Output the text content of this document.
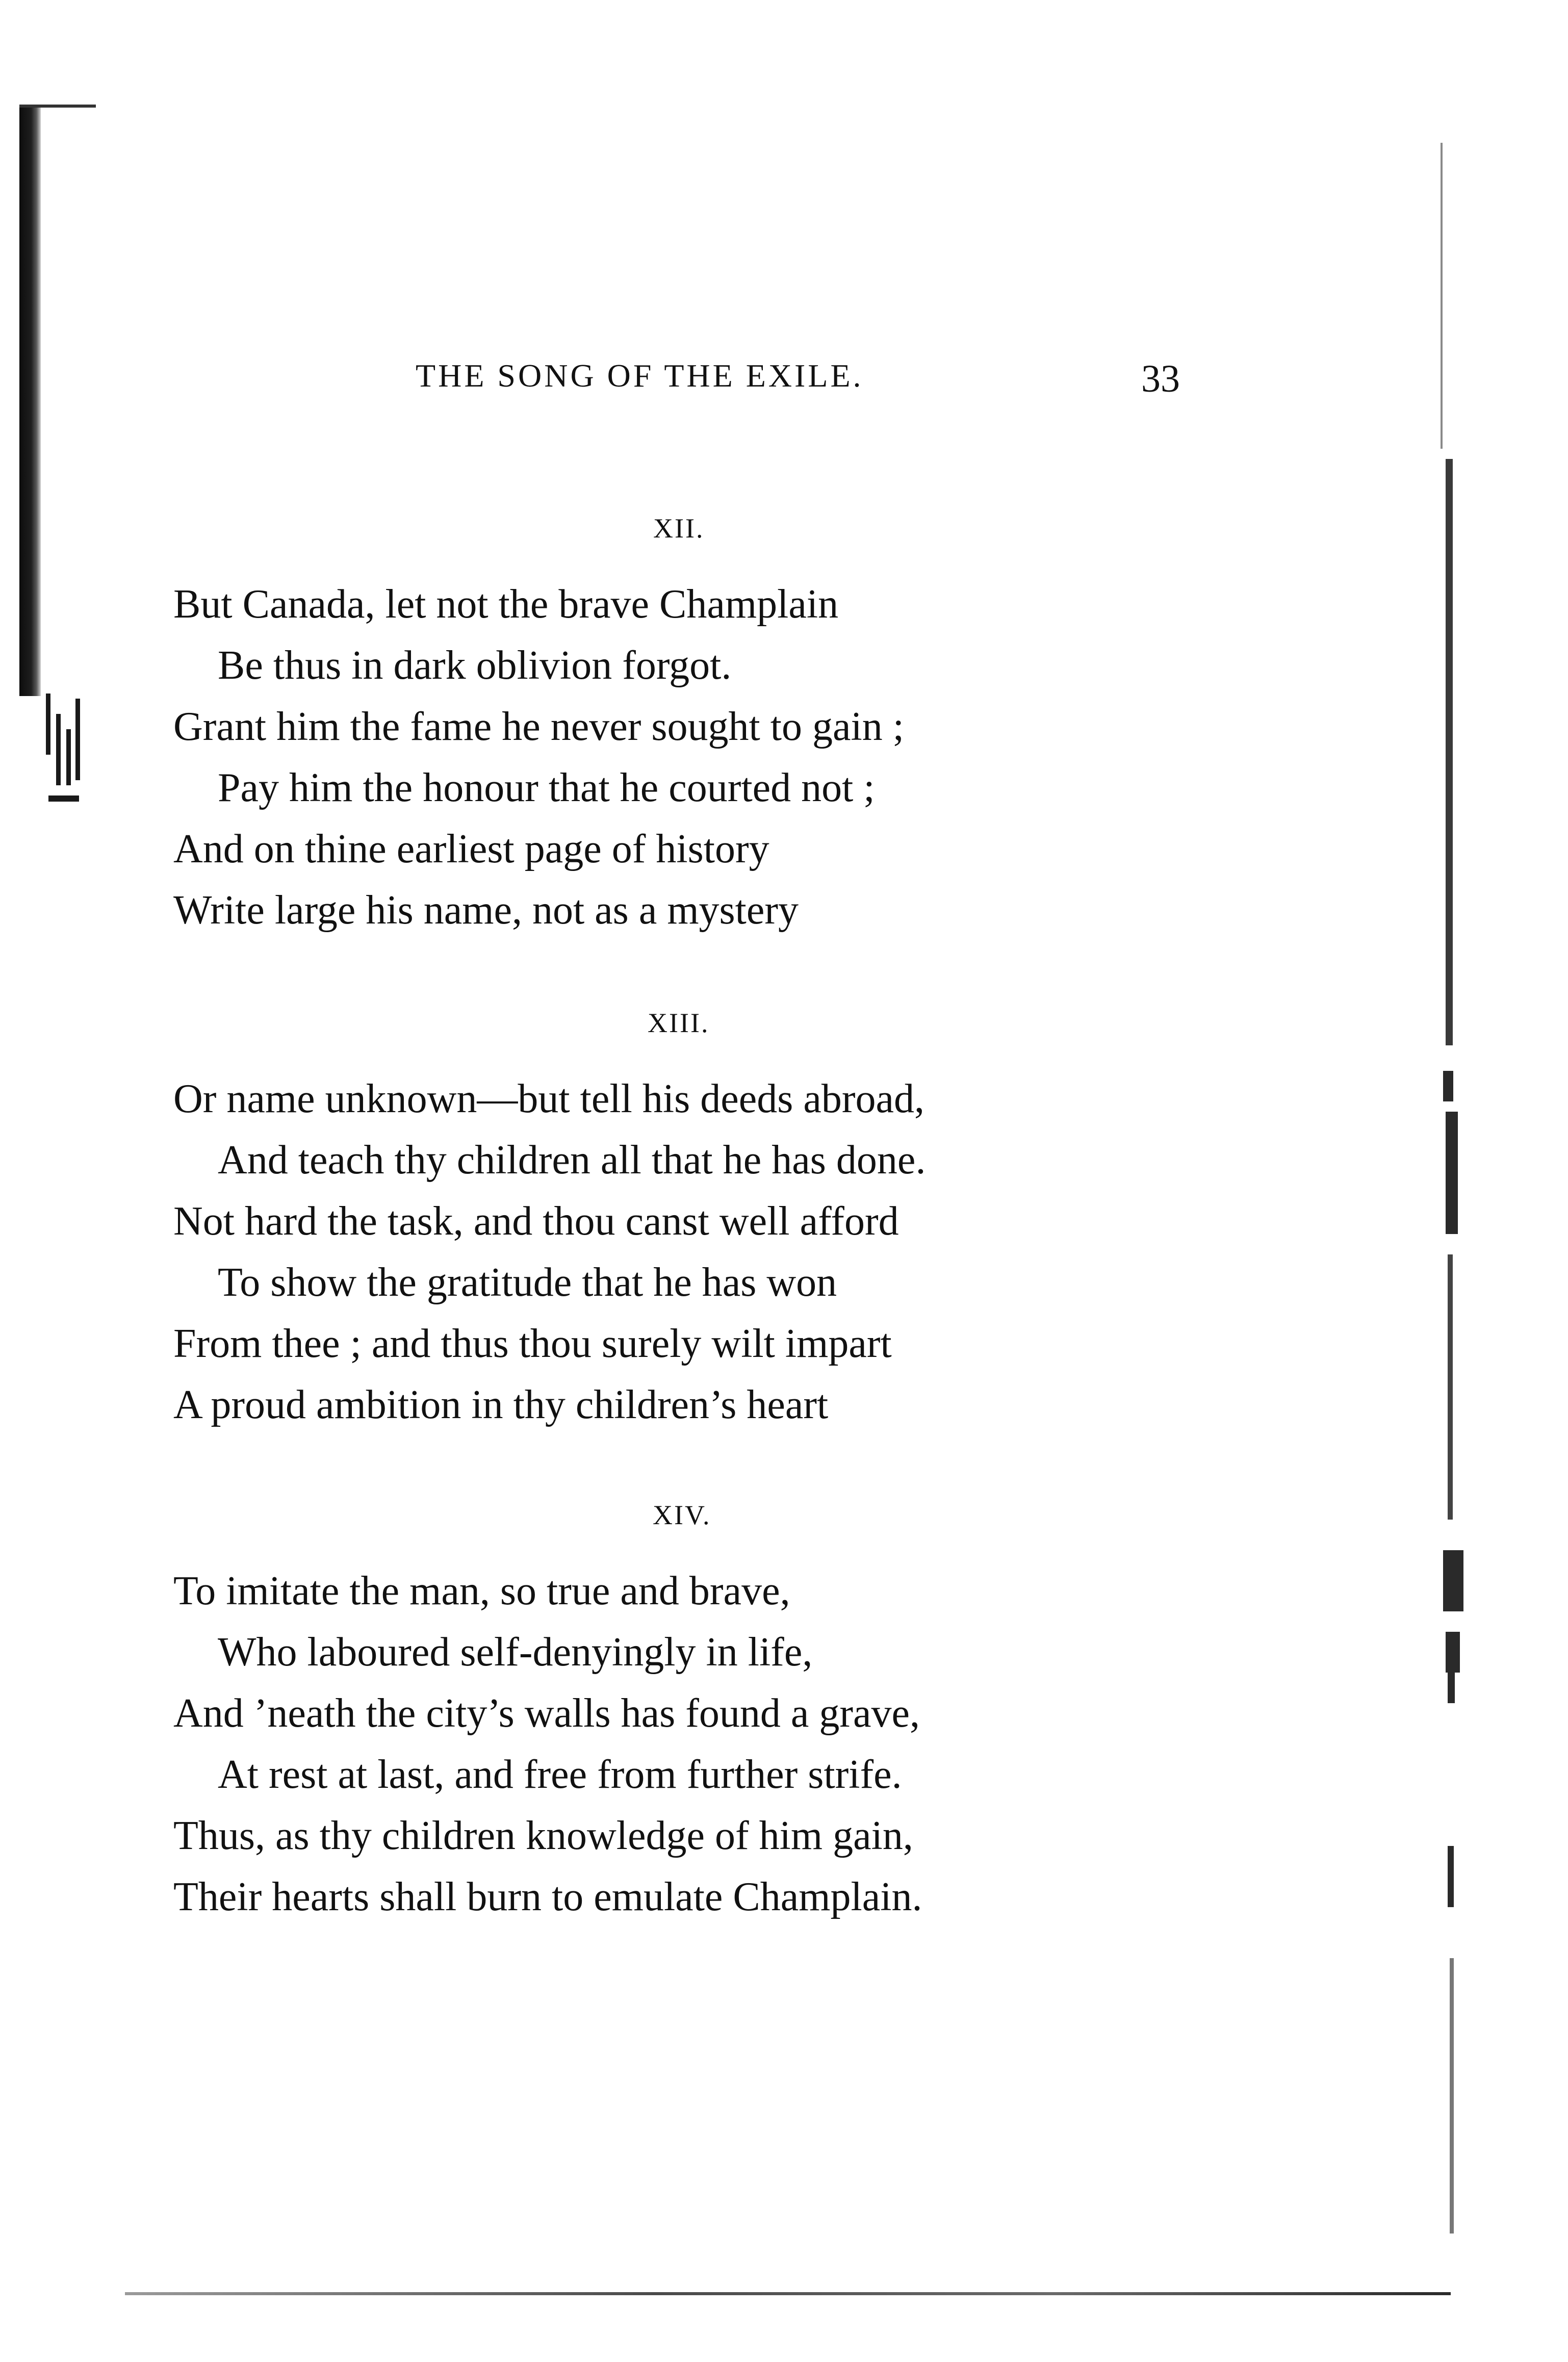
THE SONG OF THE EXILE.	33
XII.
But Canada, let not the brave Champlain
Be thus in dark oblivion forgot.
Grant him the fame he never sought to gain ;
Pay him the honour that he courted not ;
And on thine earliest page of history
Write large his name, not as a mystery
XIII.
Or name unknown—but tell his deeds abroad,
And teach thy children all that he has done.
Not hard the task, and thou canst well afford
To show the gratitude that he has won
From thee ; and thus thou surely wilt impart
A proud ambition in thy children’s heart
XIV.
To imitate the man, so true and brave,
Who laboured self-denyingly in life,
And ’neath the city’s walls has found a grave,
At rest at last, and free from further strife.
Thus, as thy children knowledge of him gain,
Their hearts shall burn to emulate Champlain.
